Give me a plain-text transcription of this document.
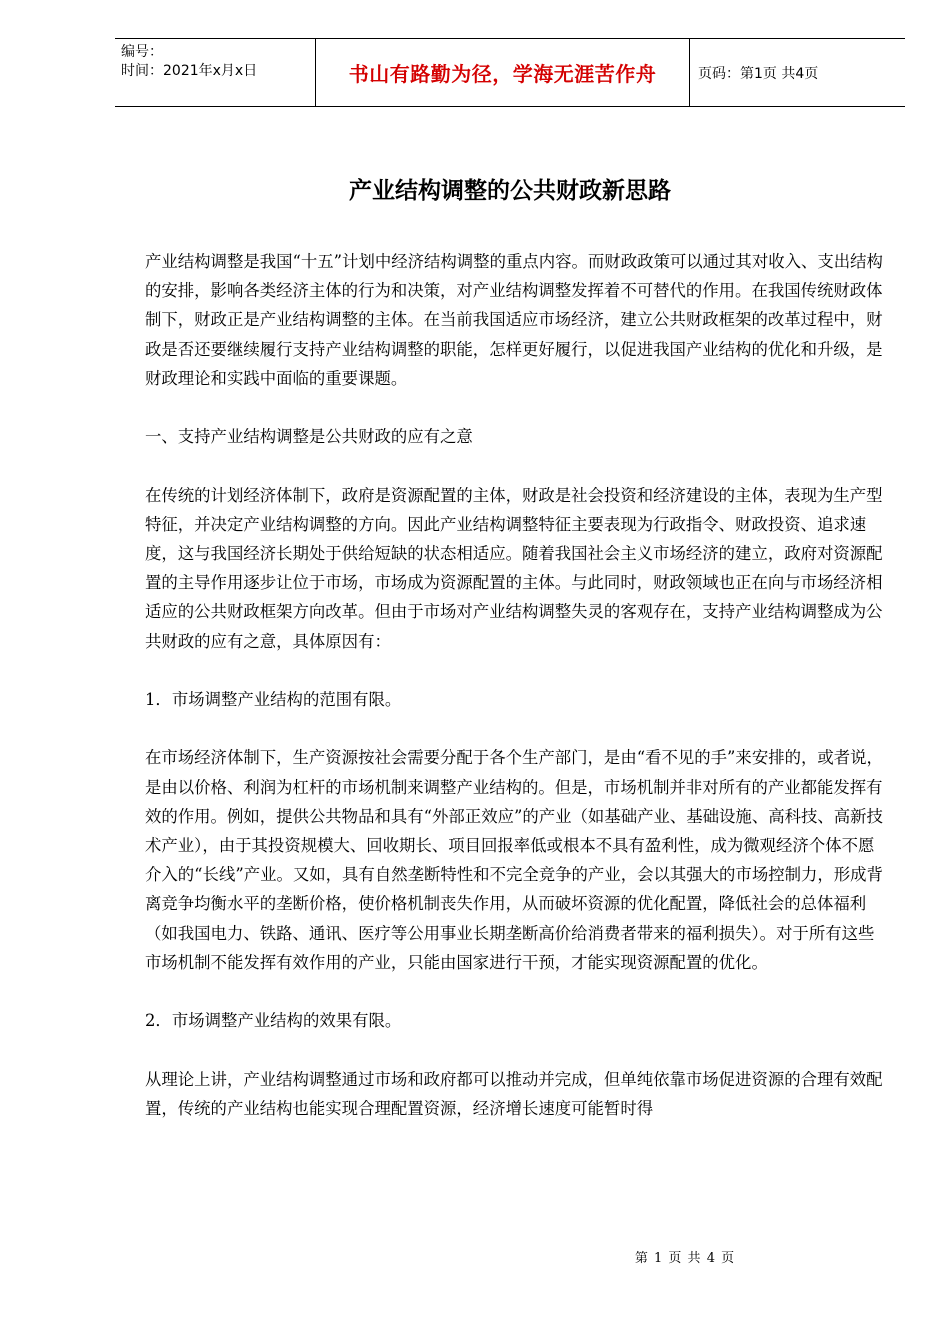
编号：
时间：2021年x月x日	书山有路勤为径，学海无涯苦作舟	页码：第1页 共4页
产业结构调整的公共财政新思路

产业结构调整是我国“十五”计划中经济结构调整的重点内容。而财政政策可以通过其对收入、支出结构的安排，影响各类经济主体的行为和决策，对产业结构调整发挥着不可替代的作用。在我国传统财政体制下，财政正是产业结构调整的主体。在当前我国适应市场经济，建立公共财政框架的改革过程中，财政是否还要继续履行支持产业结构调整的职能，怎样更好履行，以促进我国产业结构的优化和升级，是财政理论和实践中面临的重要课题。

一、支持产业结构调整是公共财政的应有之意

在传统的计划经济体制下，政府是资源配置的主体，财政是社会投资和经济建设的主体，表现为生产型特征，并决定产业结构调整的方向。因此产业结构调整特征主要表现为行政指令、财政投资、追求速度，这与我国经济长期处于供给短缺的状态相适应。随着我国社会主义市场经济的建立，政府对资源配置的主导作用逐步让位于市场，市场成为资源配置的主体。与此同时，财政领域也正在向与市场经济相适应的公共财政框架方向改革。但由于市场对产业结构调整失灵的客观存在，支持产业结构调整成为公共财政的应有之意，具体原因有：

1．市场调整产业结构的范围有限。

在市场经济体制下，生产资源按社会需要分配于各个生产部门，是由“看不见的手”来安排的，或者说，是由以价格、利润为杠杆的市场机制来调整产业结构的。但是，市场机制并非对所有的产业都能发挥有效的作用。例如，提供公共物品和具有“外部正效应”的产业（如基础产业、基础设施、高科技、高新技术产业），由于其投资规模大、回收期长、项目回报率低或根本不具有盈利性，成为微观经济个体不愿介入的“长线”产业。又如，具有自然垄断特性和不完全竞争的产业，会以其强大的市场控制力，形成背离竞争均衡水平的垄断价格，使价格机制丧失作用，从而破坏资源的优化配置，降低社会的总体福利（如我国电力、铁路、通讯、医疗等公用事业长期垄断高价给消费者带来的福利损失）。对于所有这些市场机制不能发挥有效作用的产业，只能由国家进行干预，才能实现资源配置的优化。

2．市场调整产业结构的效果有限。

从理论上讲，产业结构调整通过市场和政府都可以推动并完成，但单纯依靠市场促进资源的合理有效配置，传统的产业结构也能实现合理配置资源，经济增长速度可能暂时得

第 1 页 共 4 页
